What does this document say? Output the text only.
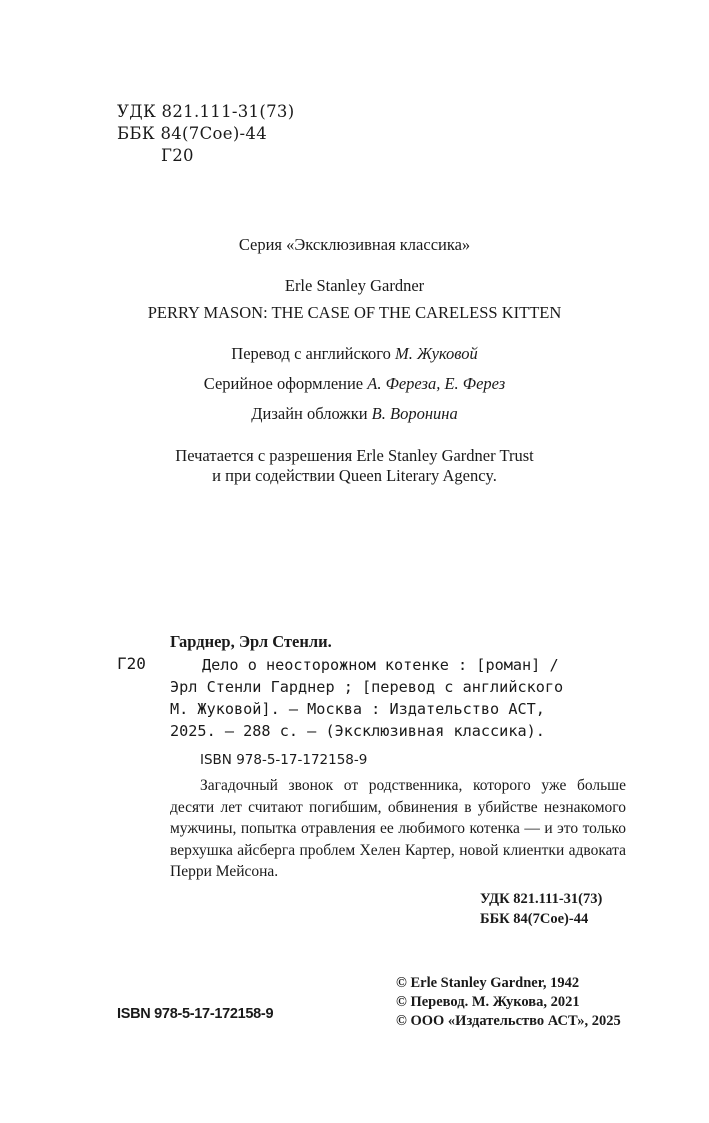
УДК 821.111-31(73)
ББК 84(7Сое)-44
Г20
Серия «Эксклюзивная классика»
Erle Stanley Gardner
PERRY MASON: THE CASE OF THE CARELESS KITTEN
Перевод с английского М. Жуковой
Серийное оформление А. Фереза, Е. Ферез
Дизайн обложки В. Воронина
Печатается с разрешения Erle Stanley Gardner Trust
и при содействии Queen Literary Agency.
Гарднер, Эрл Стенли.
Г20	Дело о неосторожном котенке : [роман] /
Эрл Стенли Гарднер ; [перевод с английского
М. Жуковой]. — Москва : Издательство АСТ,
2025. — 288 с. — (Эксклюзивная классика).
ISBN 978-5-17-172158-9
Загадочный звонок от родственника, которого уже больше десяти лет считают погибшим, обвинения в убийстве незнакомого мужчины, попытка отравления ее любимого котенка — и это только верхушка айсберга проблем Хелен Картер, новой клиентки адвоката Перри Мейсона.
УДК 821.111-31(73)
ББК 84(7Сое)-44
© Erle Stanley Gardner, 1942
© Перевод. М. Жукова, 2021
© ООО «Издательство АСТ», 2025
ISBN 978-5-17-172158-9
